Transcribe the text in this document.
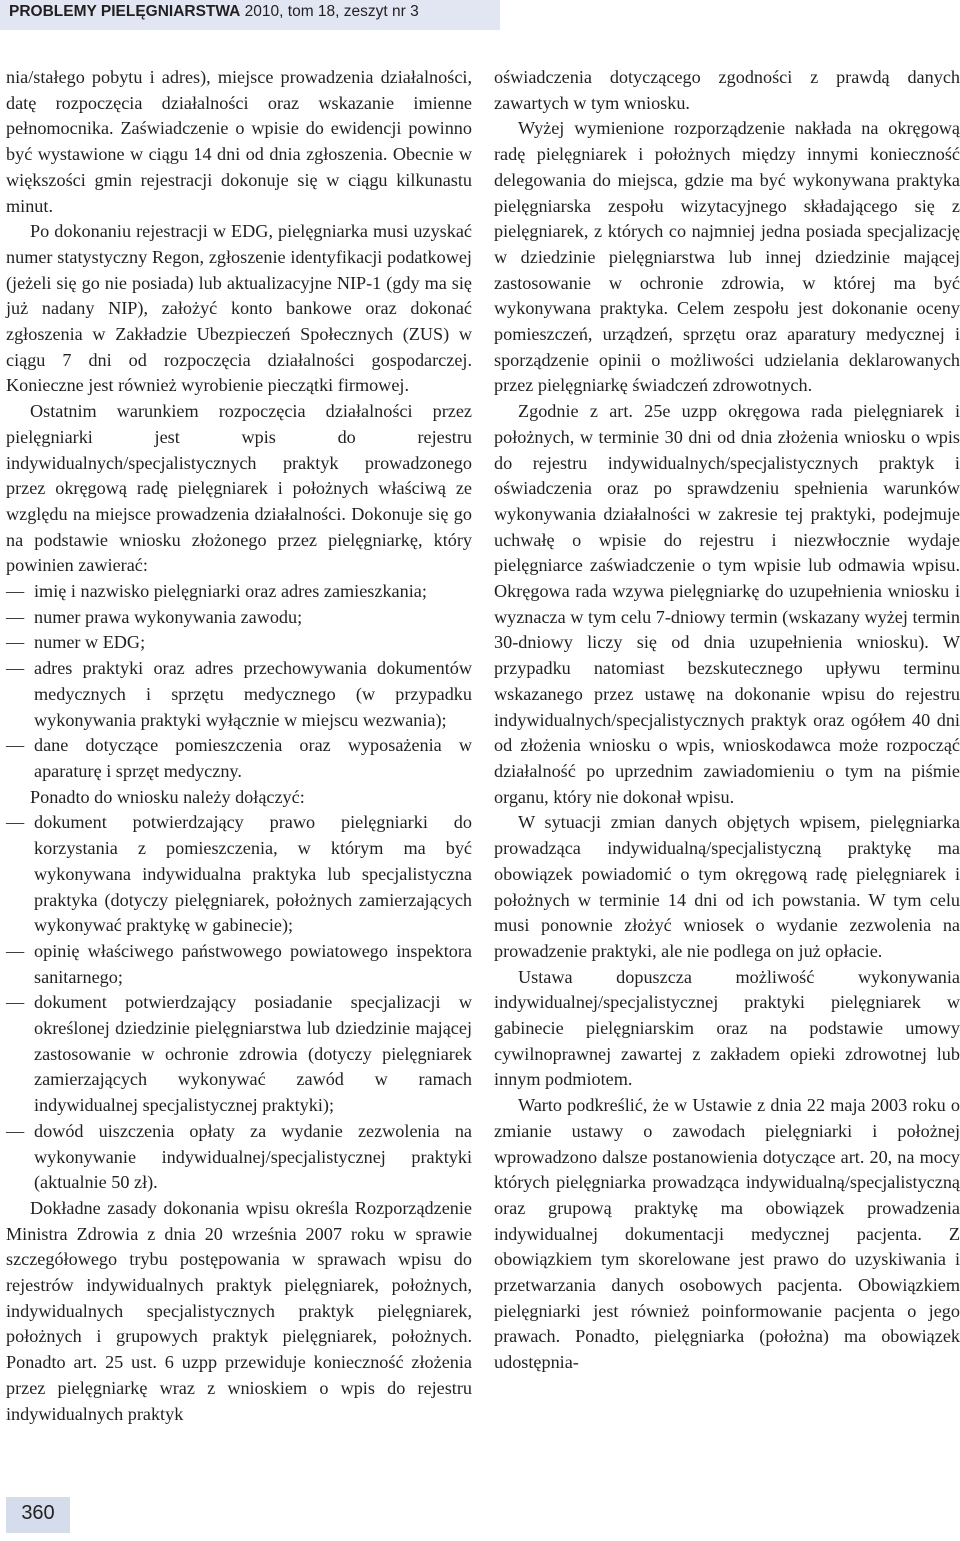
PROBLEMY PIELĘGNIARSTWA 2010, tom 18, zeszyt nr 3

nia/stałego pobytu i adres), miejsce prowadzenia działalności, datę rozpoczęcia działalności oraz wskazanie imienne pełnomocnika. Zaświadczenie o wpisie do ewidencji powinno być wystawione w ciągu 14 dni od dnia zgłoszenia. Obecnie w większości gmin rejestracji dokonuje się w ciągu kilkunastu minut.

Po dokonaniu rejestracji w EDG, pielęgniarka musi uzyskać numer statystyczny Regon, zgłoszenie identyfikacji podatkowej (jeżeli się go nie posiada) lub aktualizacyjne NIP-1 (gdy ma się już nadany NIP), założyć konto bankowe oraz dokonać zgłoszenia w Zakładzie Ubezpieczeń Społecznych (ZUS) w ciągu 7 dni od rozpoczęcia działalności gospodarczej. Konieczne jest również wyrobienie pieczątki firmowej.

Ostatnim warunkiem rozpoczęcia działalności przez pielęgniarki jest wpis do rejestru indywidualnych/specjalistycznych praktyk prowadzonego przez okręgową radę pielęgniarek i położnych właściwą ze względu na miejsce prowadzenia działalności. Dokonuje się go na podstawie wniosku złożonego przez pielęgniarkę, który powinien zawierać:

— imię i nazwisko pielęgniarki oraz adres zamieszkania;
— numer prawa wykonywania zawodu;
— numer w EDG;
— adres praktyki oraz adres przechowywania dokumentów medycznych i sprzętu medycznego (w przypadku wykonywania praktyki wyłącznie w miejscu wezwania);
— dane dotyczące pomieszczenia oraz wyposażenia w aparaturę i sprzęt medyczny.

Ponadto do wniosku należy dołączyć:

— dokument potwierdzający prawo pielęgniarki do korzystania z pomieszczenia, w którym ma być wykonywana indywidualna praktyka lub specjalistyczna praktyka (dotyczy pielęgniarek, położnych zamierzających wykonywać praktykę w gabinecie);
— opinię właściwego państwowego powiatowego inspektora sanitarnego;
— dokument potwierdzający posiadanie specjalizacji w określonej dziedzinie pielęgniarstwa lub dziedzinie mającej zastosowanie w ochronie zdrowia (dotyczy pielęgniarek zamierzających wykonywać zawód w ramach indywidualnej specjalistycznej praktyki);
— dowód uiszczenia opłaty za wydanie zezwolenia na wykonywanie indywidualnej/specjalistycznej praktyki (aktualnie 50 zł).

Dokładne zasady dokonania wpisu określa Rozporządzenie Ministra Zdrowia z dnia 20 września 2007 roku w sprawie szczegółowego trybu postępowania w sprawach wpisu do rejestrów indywidualnych praktyk pielęgniarek, położnych, indywidualnych specjalistycznych praktyk pielęgniarek, położnych i grupowych praktyk pielęgniarek, położnych. Ponadto art. 25 ust. 6 uzpp przewiduje konieczność złożenia przez pielęgniarkę wraz z wnioskiem o wpis do rejestru indywidualnych praktyk

oświadczenia dotyczącego zgodności z prawdą danych zawartych w tym wniosku.

Wyżej wymienione rozporządzenie nakłada na okręgową radę pielęgniarek i położnych między innymi konieczność delegowania do miejsca, gdzie ma być wykonywana praktyka pielęgniarska zespołu wizytacyjnego składającego się z pielęgniarek, z których co najmniej jedna posiada specjalizację w dziedzinie pielęgniarstwa lub innej dziedzinie mającej zastosowanie w ochronie zdrowia, w której ma być wykonywana praktyka. Celem zespołu jest dokonanie oceny pomieszczeń, urządzeń, sprzętu oraz aparatury medycznej i sporządzenie opinii o możliwości udzielania deklarowanych przez pielęgniarkę świadczeń zdrowotnych.

Zgodnie z art. 25e uzpp okręgowa rada pielęgniarek i położnych, w terminie 30 dni od dnia złożenia wniosku o wpis do rejestru indywidualnych/specjalistycznych praktyk i oświadczenia oraz po sprawdzeniu spełnienia warunków wykonywania działalności w zakresie tej praktyki, podejmuje uchwałę o wpisie do rejestru i niezwłocznie wydaje pielęgniarce zaświadczenie o tym wpisie lub odmawia wpisu. Okręgowa rada wzywa pielęgniarkę do uzupełnienia wniosku i wyznacza w tym celu 7-dniowy termin (wskazany wyżej termin 30-dniowy liczy się od dnia uzupełnienia wniosku). W przypadku natomiast bezskutecznego upływu terminu wskazanego przez ustawę na dokonanie wpisu do rejestru indywidualnych/specjalistycznych praktyk oraz ogółem 40 dni od złożenia wniosku o wpis, wnioskodawca może rozpocząć działalność po uprzednim zawiadomieniu o tym na piśmie organu, który nie dokonał wpisu.

W sytuacji zmian danych objętych wpisem, pielęgniarka prowadząca indywidualną/specjalistyczną praktykę ma obowiązek powiadomić o tym okręgową radę pielęgniarek i położnych w terminie 14 dni od ich powstania. W tym celu musi ponownie złożyć wniosek o wydanie zezwolenia na prowadzenie praktyki, ale nie podlega on już opłacie.

Ustawa dopuszcza możliwość wykonywania indywidualnej/specjalistycznej praktyki pielęgniarek w gabinecie pielęgniarskim oraz na podstawie umowy cywilnoprawnej zawartej z zakładem opieki zdrowotnej lub innym podmiotem.

Warto podkreślić, że w Ustawie z dnia 22 maja 2003 roku o zmianie ustawy o zawodach pielęgniarki i położnej wprowadzono dalsze postanowienia dotyczące art. 20, na mocy których pielęgniarka prowadząca indywidualną/specjalistyczną oraz grupową praktykę ma obowiązek prowadzenia indywidualnej dokumentacji medycznej pacjenta. Z obowiązkiem tym skorelowane jest prawo do uzyskiwania i przetwarzania danych osobowych pacjenta. Obowiązkiem pielęgniarki jest również poinformowanie pacjenta o jego prawach. Ponadto, pielęgniarka (położna) ma obowiązek udostępnia-

360
